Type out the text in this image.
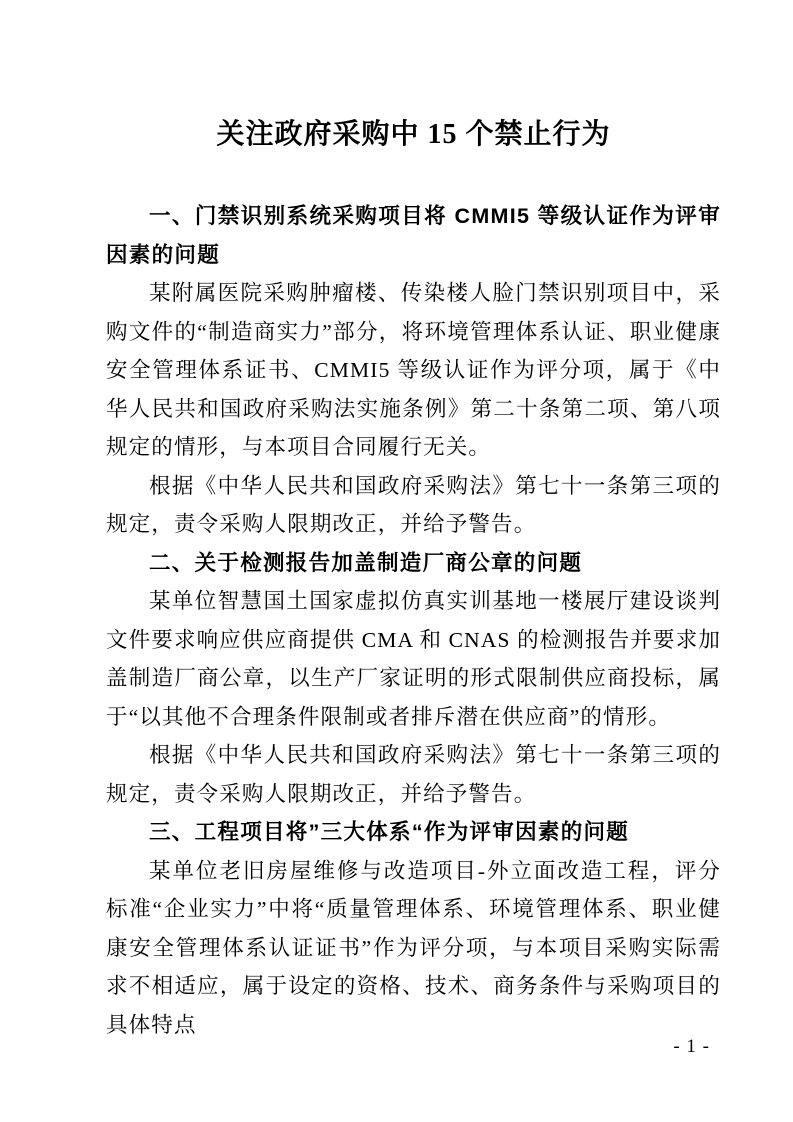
关注政府采购中 15 个禁止行为

一、门禁识别系统采购项目将 CMMI5 等级认证作为评审因素的问题

某附属医院采购肿瘤楼、传染楼人脸门禁识别项目中，采购文件的“制造商实力”部分，将环境管理体系认证、职业健康安全管理体系证书、CMMI5 等级认证作为评分项，属于《中华人民共和国政府采购法实施条例》第二十条第二项、第八项规定的情形，与本项目合同履行无关。

根据《中华人民共和国政府采购法》第七十一条第三项的规定，责令采购人限期改正，并给予警告。

二、关于检测报告加盖制造厂商公章的问题

某单位智慧国土国家虚拟仿真实训基地一楼展厅建设谈判文件要求响应供应商提供 CMA 和 CNAS 的检测报告并要求加盖制造厂商公章，以生产厂家证明的形式限制供应商投标，属于“以其他不合理条件限制或者排斥潜在供应商”的情形。

根据《中华人民共和国政府采购法》第七十一条第三项的规定，责令采购人限期改正，并给予警告。

三、工程项目将”三大体系“作为评审因素的问题

某单位老旧房屋维修与改造项目-外立面改造工程，评分标准“企业实力”中将“质量管理体系、环境管理体系、职业健康安全管理体系认证证书”作为评分项，与本项目采购实际需求不相适应，属于设定的资格、技术、商务条件与采购项目的具体特点

- 1 -
